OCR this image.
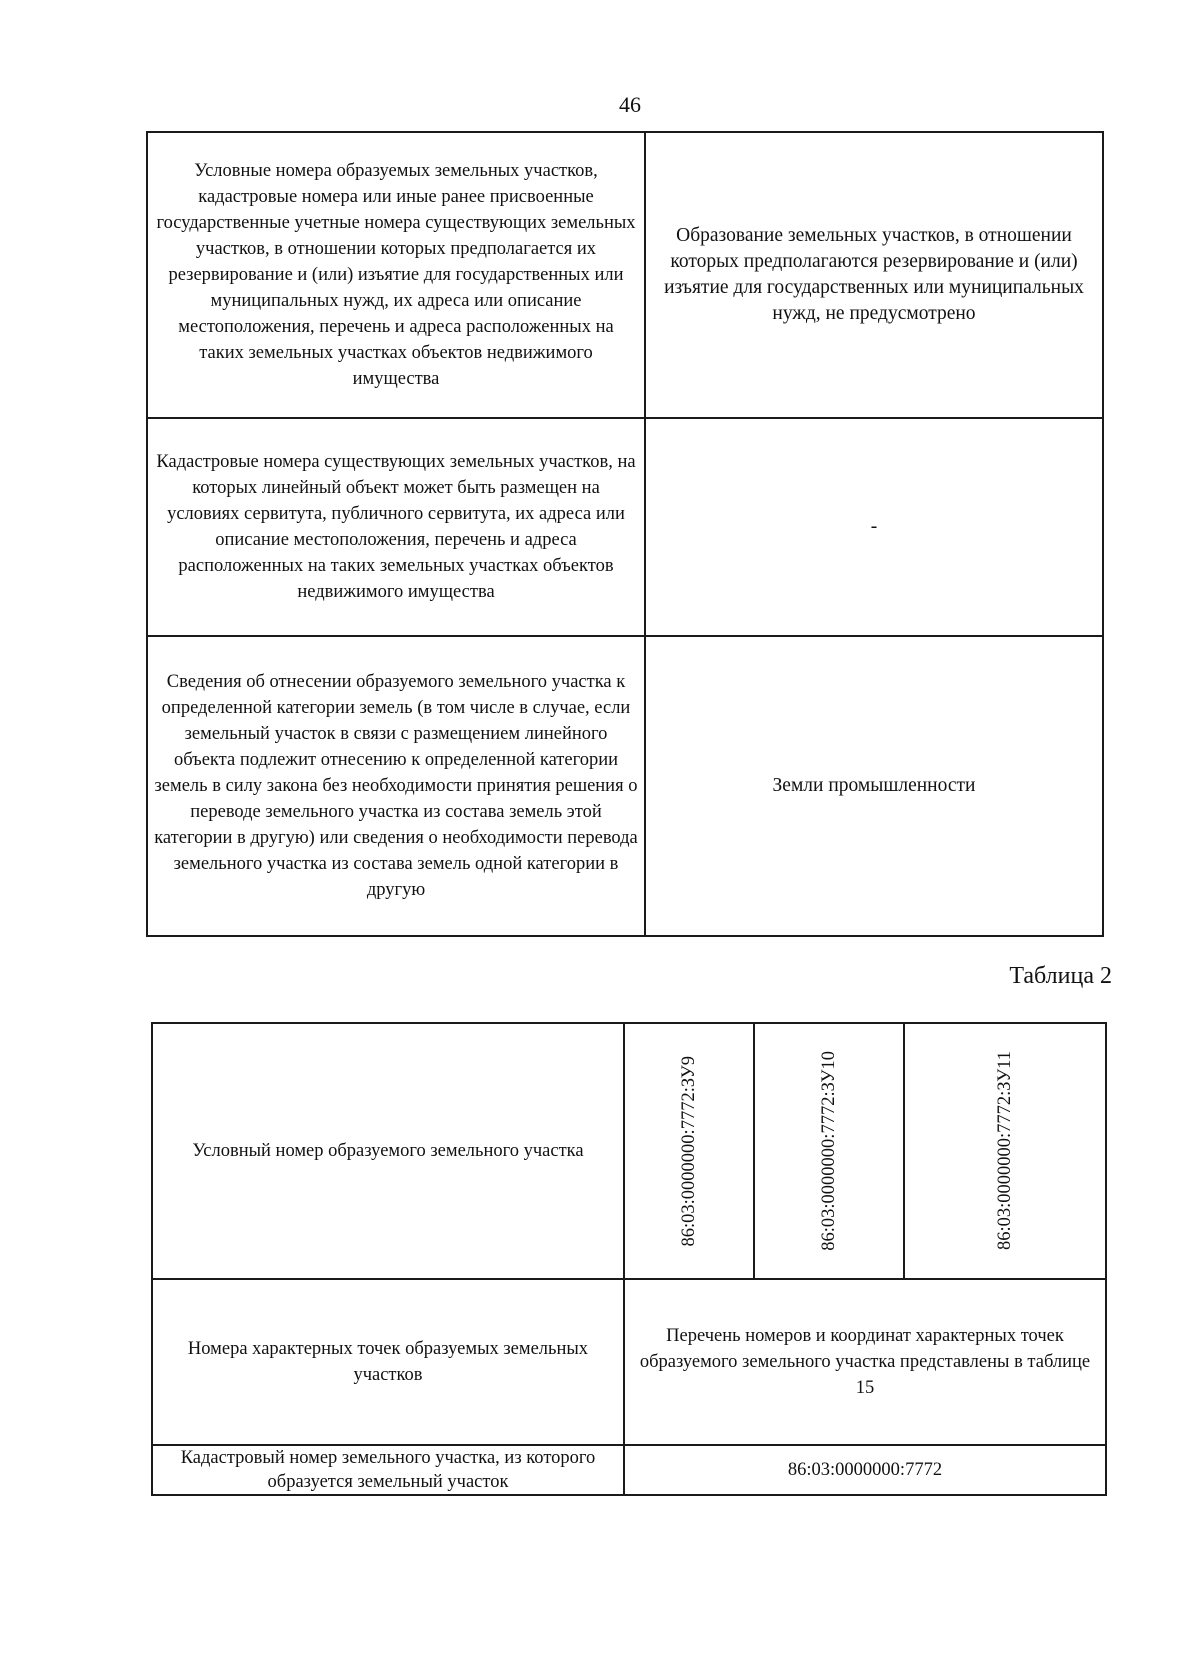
46
Условные номера образуемых земельных участков, кадастровые номера или иные ранее присвоенные государственные учетные номера существующих земельных участков, в отношении которых предполагается их резервирование и (или) изъятие для государственных или муниципальных нужд, их адреса или описание местоположения, перечень и адреса расположенных на таких земельных участках объектов недвижимого имущества	Образование земельных участков, в отношении которых предполагаются резервирование и (или) изъятие для государственных или муниципальных нужд, не предусмотрено
Кадастровые номера существующих земельных участков, на которых линейный объект может быть размещен на условиях сервитута, публичного сервитута, их адреса или описание местоположения, перечень и адреса расположенных на таких земельных участках объектов недвижимого имущества	-
Сведения об отнесении образуемого земельного участка к определенной категории земель (в том числе в случае, если земельный участок в связи с размещением линейного объекта подлежит отнесению к определенной категории земель в силу закона без необходимости принятия решения о переводе земельного участка из состава земель этой категории в другую) или сведения о необходимости перевода земельного участка из состава земель одной категории в другую	Земли промышленности
Таблица 2
Условный номер образуемого земельного участка	86:03:0000000:7772:ЗУ9	86:03:0000000:7772:ЗУ10	86:03:0000000:7772:ЗУ11

Номера характерных точек образуемых земельных участков	Перечень номеров и координат характерных точек образуемого земельного участка представлены в таблице 15		
Кадастровый номер земельного участка, из которого образуется земельный участок	86:03:0000000:7772		
